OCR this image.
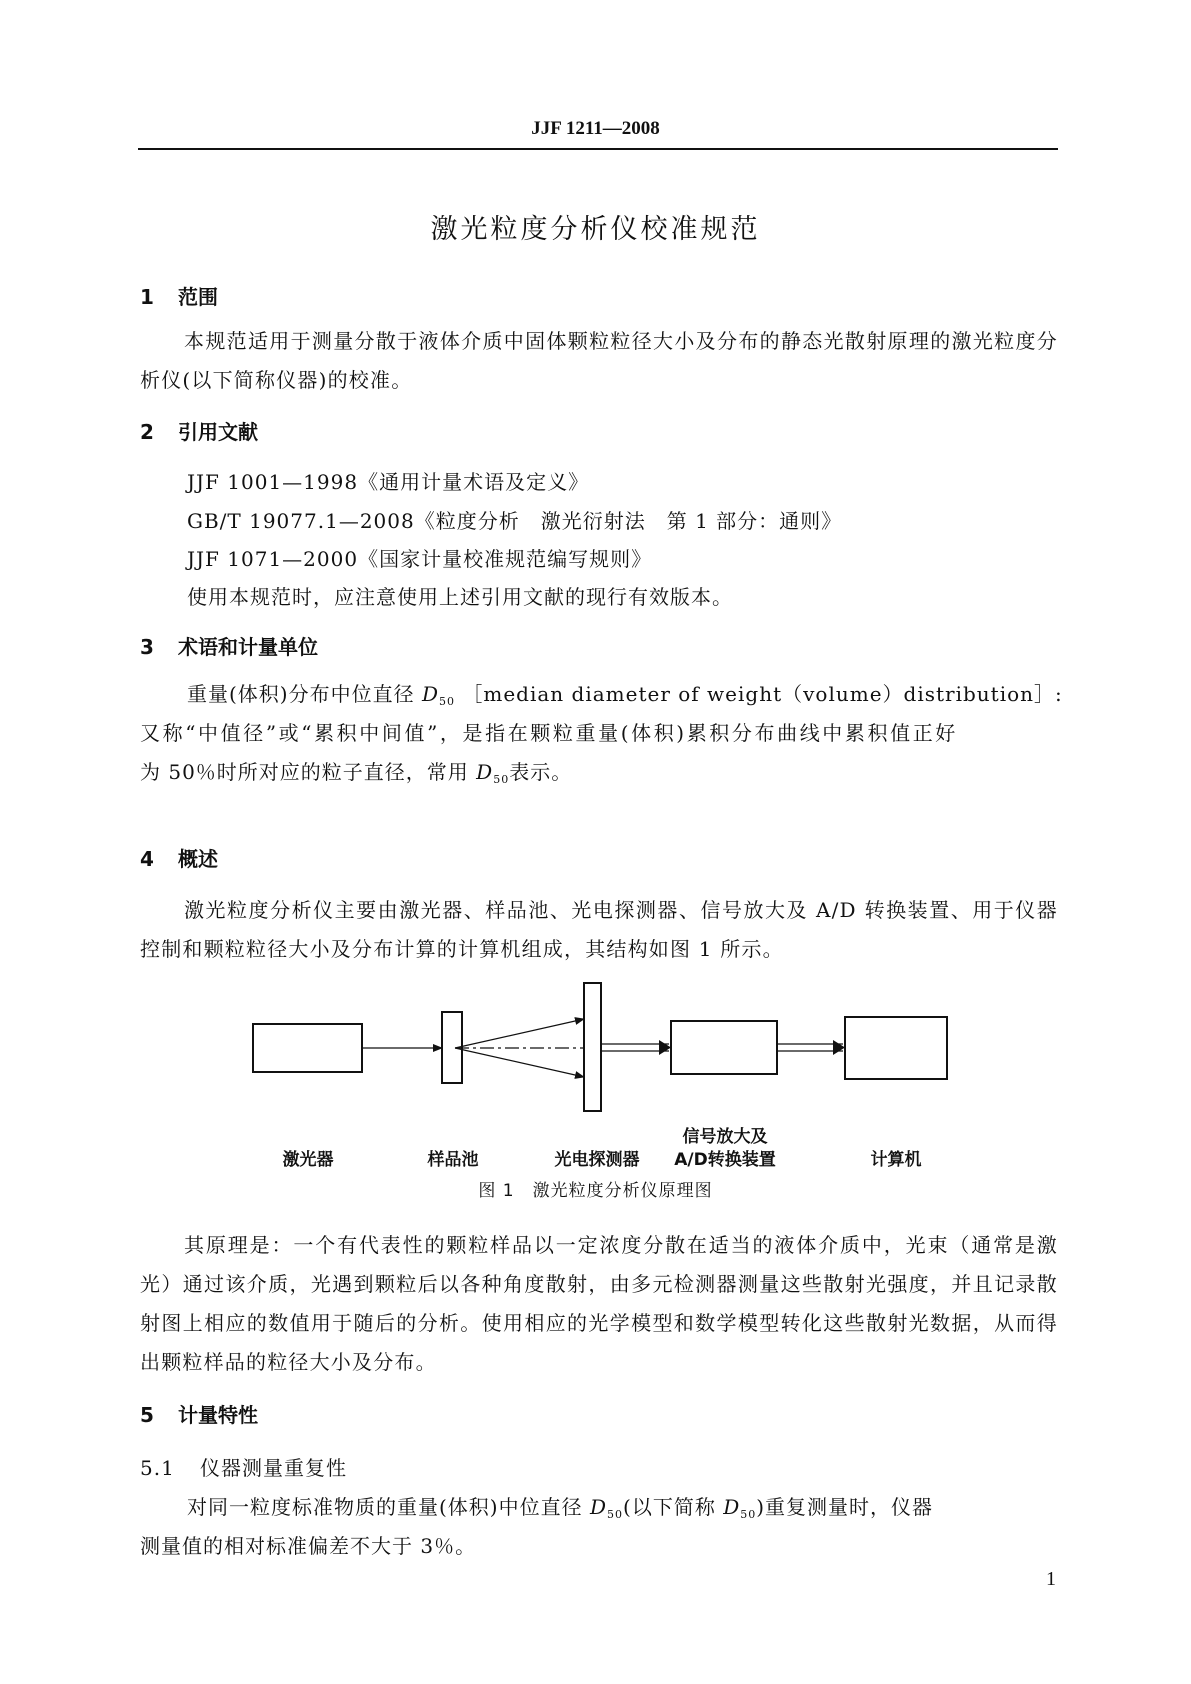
JJF 1211—2008
激光粒度分析仪校准规范
1 范围
本规范适用于测量分散于液体介质中固体颗粒粒径大小及分布的静态光散射原理的激光粒度分析仪(以下简称仪器)的校准。
2 引用文献
JJF 1001—1998《通用计量术语及定义》
GB/T 19077.1—2008《粒度分析　激光衍射法　第 1 部分：通则》
JJF 1071—2000《国家计量校准规范编写规则》
使用本规范时，应注意使用上述引用文献的现行有效版本。
3 术语和计量单位
重量(体积)分布中位直径 $D_{50}$ ［median diameter of weight（volume）distribution］:
又称“中值径”或“累积中间值”，是指在颗粒重量(体积)累积分布曲线中累积值正好
为 50％时所对应的粒子直径，常用 $D_{50}$表示。
4 概述
激光粒度分析仪主要由激光器、样品池、光电探测器、信号放大及 A/D 转换装置、用于仪器控制和颗粒粒径大小及分布计算的计算机组成，其结构如图 1 所示。
激光器	样品池	光电探测器
信号放大及
A/D转换装置	计算机
图 1　激光粒度分析仪原理图
其原理是：一个有代表性的颗粒样品以一定浓度分散在适当的液体介质中，光束（通常是激光）通过该介质，光遇到颗粒后以各种角度散射，由多元检测器测量这些散射光强度，并且记录散射图上相应的数值用于随后的分析。使用相应的光学模型和数学模型转化这些散射光数据，从而得出颗粒样品的粒径大小及分布。
5 计量特性
5.1 仪器测量重复性
对同一粒度标准物质的重量(体积)中位直径 $D_{50}$(以下简称 $D_{50}$)重复测量时，仪器
测量值的相对标准偏差不大于 3％。
1
